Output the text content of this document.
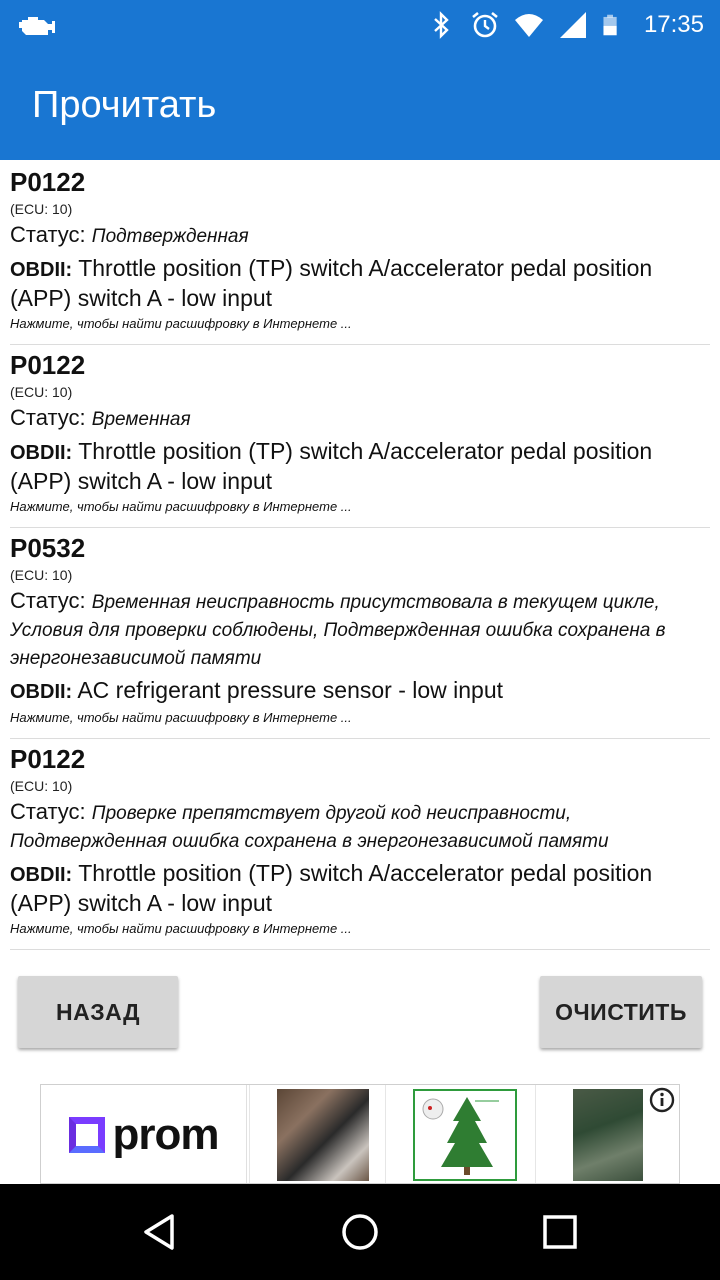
17:35
Прочитать
P0122
(ECU: 10)
Статус: Подтвержденная
OBDII: Throttle position (TP) switch A/accelerator pedal position (APP) switch A - low input
Нажмите, чтобы найти расшифровку в Интернете ...
P0122
(ECU: 10)
Статус: Временная
OBDII: Throttle position (TP) switch A/accelerator pedal position (APP) switch A - low input
Нажмите, чтобы найти расшифровку в Интернете ...
P0532
(ECU: 10)
Статус: Временная неисправность присутствовала в текущем цикле, Условия для проверки соблюдены, Подтвержденная ошибка сохранена в энергонезависимой памяти
OBDII: AC refrigerant pressure sensor - low input
Нажмите, чтобы найти расшифровку в Интернете ...
P0122
(ECU: 10)
Статус: Проверке препятствует другой код неисправности, Подтвержденная ошибка сохранена в энергонезависимой памяти
OBDII: Throttle position (TP) switch A/accelerator pedal position (APP) switch A - low input
Нажмите, чтобы найти расшифровку в Интернете ...
НАЗАД	ОЧИСТИТЬ
prom
